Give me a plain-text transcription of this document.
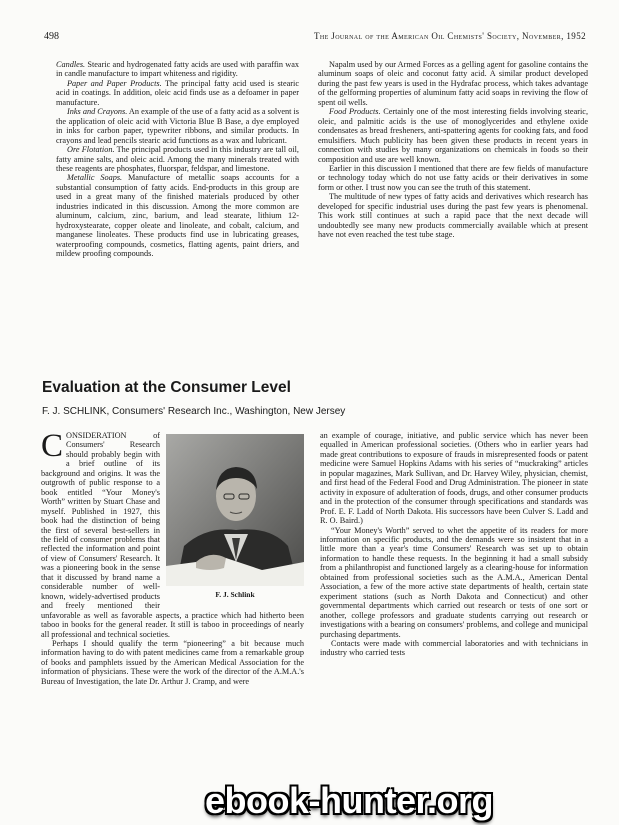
498	The Journal of the American Oil Chemists' Society, November, 1952

Candles. Stearic and hydrogenated fatty acids are used with paraffin wax in candle manufacture to impart whiteness and rigidity.

Paper and Paper Products. The principal fatty acid used is stearic acid in coatings. In addition, oleic acid finds use as a defoamer in paper manufacture.

Inks and Crayons. An example of the use of a fatty acid as a solvent is the application of oleic acid with Victoria Blue B Base, a dye employed in inks for carbon paper, typewriter ribbons, and similar products. In crayons and lead pencils stearic acid functions as a wax and lubricant.

Ore Flotation. The principal products used in this industry are tall oil, fatty amine salts, and oleic acid. Among the many minerals treated with these reagents are phosphates, fluorspar, feldspar, and limestone.

Metallic Soaps. Manufacture of metallic soaps accounts for a substantial consumption of fatty acids. End-products in this group are used in a great many of the finished materials produced by other industries indicated in this discussion. Among the more common are aluminum, calcium, zinc, barium, and lead stearate, lithium 12-hydroxystearate, copper oleate and linoleate, and cobalt, calcium, and manganese linoleates. These products find use in lubricating greases, waterproofing compounds, cosmetics, flatting agents, paint driers, and mildew proofing compounds.

Napalm used by our Armed Forces as a gelling agent for gasoline contains the aluminum soaps of oleic and coconut fatty acid. A similar product developed during the past few years is used in the Hydrafac process, which takes advantage of the gelforming properties of aluminum fatty acid soaps in reviving the flow of spent oil wells.

Food Products. Certainly one of the most interesting fields involving stearic, oleic, and palmitic acids is the use of monoglycerides and ethylene oxide condensates as bread fresheners, anti-spattering agents for cooking fats, and food emulsifiers. Much publicity has been given these products in recent years in connection with studies by many organizations on chemicals in foods so their composition and use are well known.

Earlier in this discussion I mentioned that there are few fields of manufacture or technology today which do not use fatty acids or their derivatives in some form or other. I trust now you can see the truth of this statement.

The multitude of new types of fatty acids and derivatives which research has developed for specific industrial uses during the past few years is phenomenal. This work still continues at such a rapid pace that the next decade will undoubtedly see many new products commercially available which at present have not even reached the test tube stage.

Evaluation at the Consumer Level
F. J. SCHLINK, Consumers' Research Inc., Washington, New Jersey
F. J. Schlink

CONSIDERATION of Consumers' Research should probably begin with a brief outline of its background and origins. It was the outgrowth of public response to a book entitled “Your Money's Worth” written by Stuart Chase and myself. Published in 1927, this book had the distinction of being the first of several best-sellers in the field of consumer problems that reflected the information and point of view of Consumers' Research. It was a pioneering book in the sense that it discussed by brand name a considerable number of well-known, widely-advertised products and freely mentioned their unfavorable as well as favorable aspects, a practice which had hitherto been taboo in books for the general reader. It still is taboo in proceedings of nearly all professional and technical societies.

Perhaps I should qualify the term “pioneering” a bit because much information having to do with patent medicines came from a remarkable group of books and pamphlets issued by the American Medical Association for the information of physicians. These were the work of the director of the A.M.A.'s Bureau of Investigation, the late Dr. Arthur J. Cramp, and were

an example of courage, initiative, and public service which has never been equalled in American professional societies. (Others who in earlier years had made great contributions to exposure of frauds in misrepresented foods or patent medicine were Samuel Hopkins Adams with his series of “muckraking” articles in popular magazines, Mark Sullivan, and Dr. Harvey Wiley, physician, chemist, and first head of the Federal Food and Drug Administration. The pioneer in state activity in exposure of adulteration of foods, drugs, and other consumer products and in the protection of the consumer through specifications and standards was Prof. E. F. Ladd of North Dakota. His successors have been Culver S. Ladd and R. O. Baird.)

“Your Money's Worth” served to whet the appetite of its readers for more information on specific products, and the demands were so insistent that in a little more than a year's time Consumers' Research was set up to obtain information to handle these requests. In the beginning it had a small subsidy from a philanthropist and functioned largely as a clearing-house for information obtained from professional societies such as the A.M.A., American Dental Association, a few of the more active state departments of health, certain state experiment stations (such as North Dakota and Connecticut) and other governmental departments which carried out research or tests of one sort or another, college professors and graduate students carrying out research or investigations with a bearing on consumers' problems, and college and municipal purchasing departments.

Contacts were made with commercial laboratories and with technicians in industry who carried tests

ebook-hunter.org
